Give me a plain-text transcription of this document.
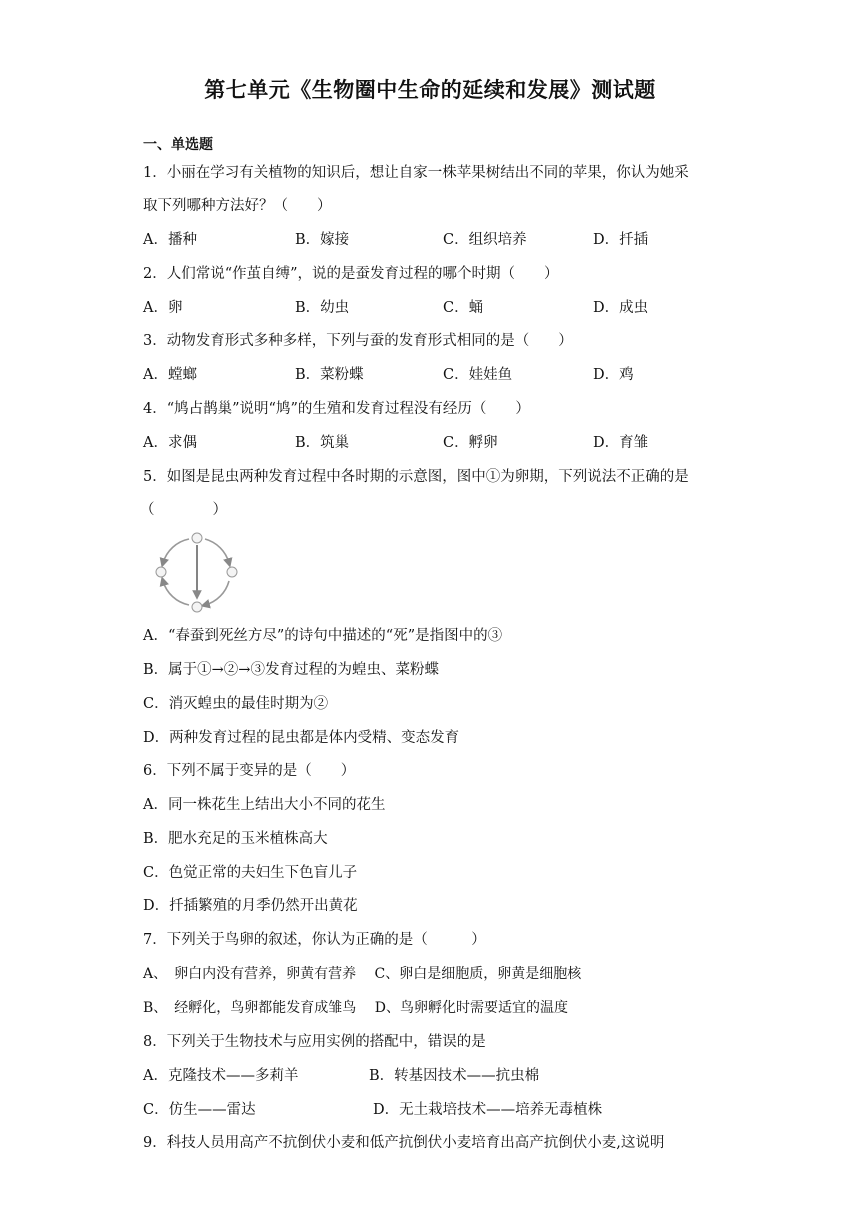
第七单元《生物圈中生命的延续和发展》测试题
一、单选题
1．小丽在学习有关植物的知识后，想让自家一株苹果树结出不同的苹果，你认为她采
取下列哪种方法好？（　　）
A．播种	B．嫁接	C．组织培养	D．扦插
2．人们常说“作茧自缚”，说的是蚕发育过程的哪个时期（　　）
A．卵	B．幼虫	C．蛹	D．成虫
3．动物发育形式多种多样，下列与蚕的发育形式相同的是（　　）
A．螳螂	B．菜粉蝶	C．娃娃鱼	D．鸡
4．“鸠占鹊巢”说明“鸠”的生殖和发育过程没有经历（　　）
A．求偶	B．筑巢	C．孵卵	D．育雏
5．如图是昆虫两种发育过程中各时期的示意图，图中①为卵期，下列说法不正确的是
（　　　　）
A．“春蚕到死丝方尽”的诗句中描述的“死”是指图中的③
B．属于①→②→③发育过程的为蝗虫、菜粉蝶
C．消灭蝗虫的最佳时期为②
D．两种发育过程的昆虫都是体内受精、变态发育
6．下列不属于变异的是（　　）
A．同一株花生上结出大小不同的花生
B．肥水充足的玉米植株高大
C．色觉正常的夫妇生下色盲儿子
D．扦插繁殖的月季仍然开出黄花
7．下列关于鸟卵的叙述，你认为正确的是（　　　）
A、　卵白内没有营养，卵黄有营养　 C、卵白是细胞质，卵黄是细胞核
B、　经孵化，鸟卵都能发育成雏鸟　 D、鸟卵孵化时需要适宜的温度
8．下列关于生物技术与应用实例的搭配中，错误的是
A．克隆技术——多莉羊	B．转基因技术——抗虫棉
C．仿生——雷达	D．无土栽培技术——培养无毒植株
9．科技人员用高产不抗倒伏小麦和低产抗倒伏小麦培育出高产抗倒伏小麦,这说明
